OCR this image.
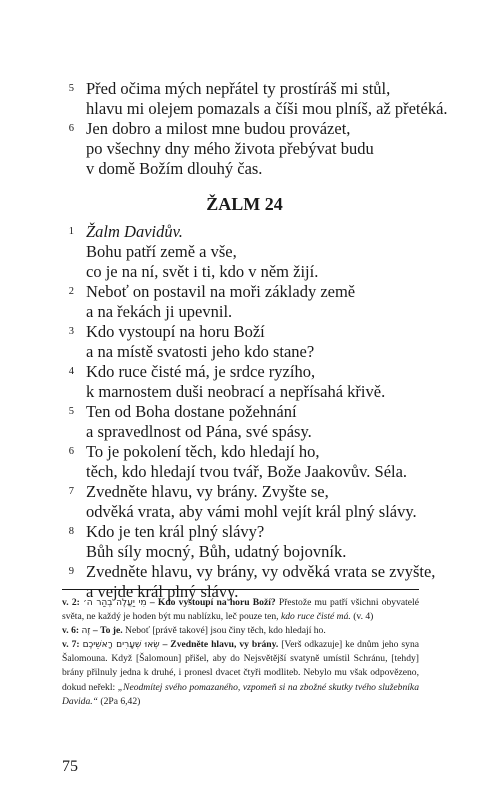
5 Před očima mých nepřátel ty prostíráš mi stůl,
hlavu mi olejem pomazals a číši mou plníš, až přetéká.
6 Jen dobro a milost mne budou provázet,
po všechny dny mého života přebývat budu
v domě Božím dlouhý čas.
ŽALM 24
1 Žalm Davidův.
Bohu patří země a vše,
co je na ní, svět i ti, kdo v něm žijí.
2 Neboť on postavil na moři základy země
a na řekách ji upevnil.
3 Kdo vystoupí na horu Boží
a na místě svatosti jeho kdo stane?
4 Kdo ruce čisté má, je srdce ryzího,
k marnostem duši neobrací a nepřísahá křivě.
5 Ten od Boha dostane požehnání
a spravedlnost od Pána, své spásy.
6 To je pokolení těch, kdo hledají ho,
těch, kdo hledají tvou tvář, Bože Jaakovův. Séla.
7 Zvedněte hlavu, vy brány. Zvyšte se,
odvěká vrata, aby vámi mohl vejít král plný slávy.
8 Kdo je ten král plný slávy?
Bůh síly mocný, Bůh, udatný bojovník.
9 Zvedněte hlavu, vy brány, vy odvěká vrata se zvyšte,
a vejde král plný slávy.

v. 2: מִי יַעֲלֶה בְהַר ה׳ – Kdo vystoupí na horu Boží? Přestože mu patří všichni obyvatelé světa, ne každý je hoden být mu nablízku, leč pouze ten, kdo ruce čisté má. (v. 4)

v. 6: זֶה – To je. Neboť [právě takové] jsou činy těch, kdo hledají ho.

v. 7: שְׂאוּ שְׁעָרִים רָאשֵׁיכֶם – Zvedněte hlavu, vy brány. [Verš odkazuje] ke dnům jeho syna Šalomouna. Když [Šalomoun] přišel, aby do Nejsvětější svatyně umístil Schránu, [tehdy] brány přilnuly jedna k druhé, i pronesl dvacet čtyři modliteb. Nebylo mu však odpovězeno, dokud neřekl: „Neodmítej svého pomazaného, vzpomeň si na zbožné skutky tvého služebníka Davida.“ (2Pa 6,42)

75
